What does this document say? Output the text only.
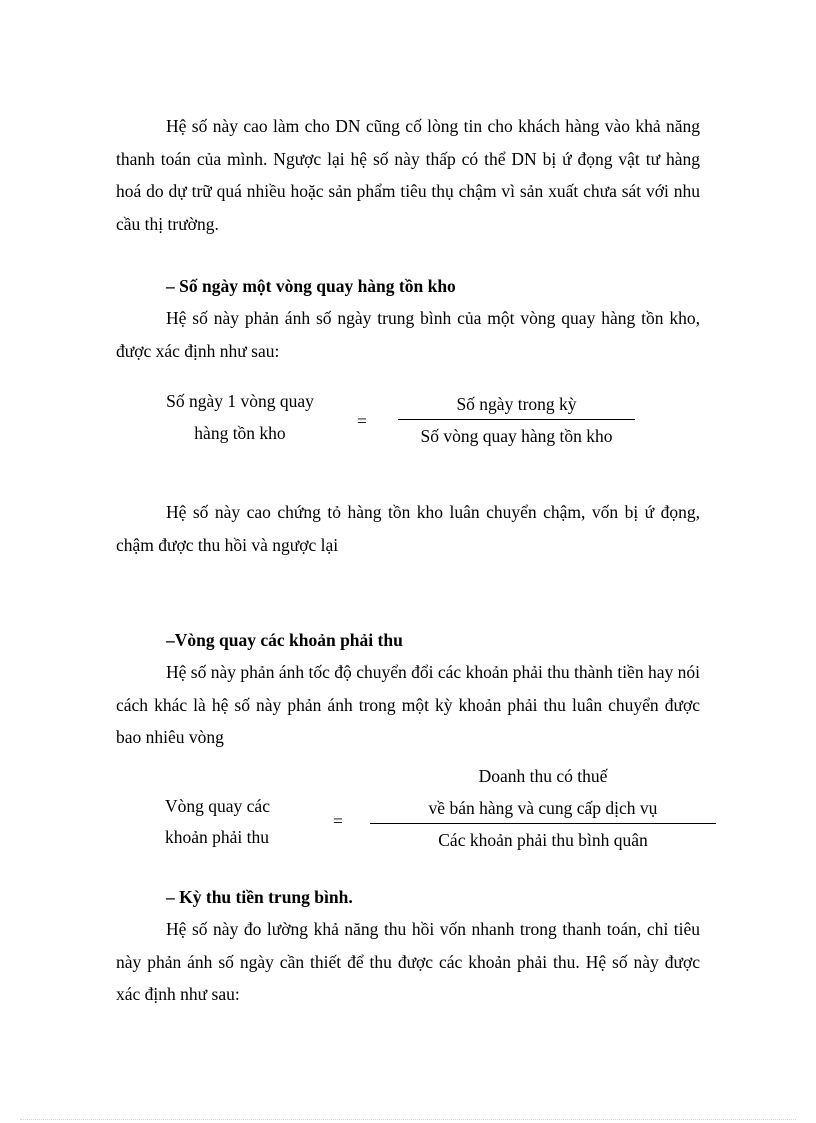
Hệ số này cao làm cho DN cũng cố lòng tin cho khách hàng vào khả năng thanh toán của mình. Ngược lại hệ số này thấp có thể DN bị ứ đọng vật tư hàng hoá do dự trữ quá nhiều hoặc sản phẩm tiêu thụ chậm vì sản xuất chưa sát với nhu cầu thị trường.

– Số ngày một vòng quay hàng tồn kho

Hệ số này phản ánh số ngày trung bình của một vòng quay hàng tồn kho, được xác định như sau:

Số ngày 1 vòng quay
hàng tồn kho
=
Số ngày trong kỳ
Số vòng quay hàng tồn kho

Hệ số này cao chứng tỏ hàng tồn kho luân chuyển chậm, vốn bị ứ đọng, chậm được thu hồi và ngược lại

–Vòng quay các khoản phải thu

Hệ số này phản ánh tốc độ chuyển đổi các khoản phải thu thành tiền hay nói cách khác là hệ số này phản ánh trong một kỳ khoản phải thu luân chuyển được bao nhiêu vòng

Vòng quay các
khoản phải thu
=
Doanh thu có thuế
về bán hàng và cung cấp dịch vụ
Các khoản phải thu bình quân

– Kỳ thu tiền trung bình.

Hệ số này đo lường khả năng thu hồi vốn nhanh trong thanh toán, chỉ tiêu này phản ánh số ngày cần thiết để thu được các khoản phải thu. Hệ số này được xác định như sau:
